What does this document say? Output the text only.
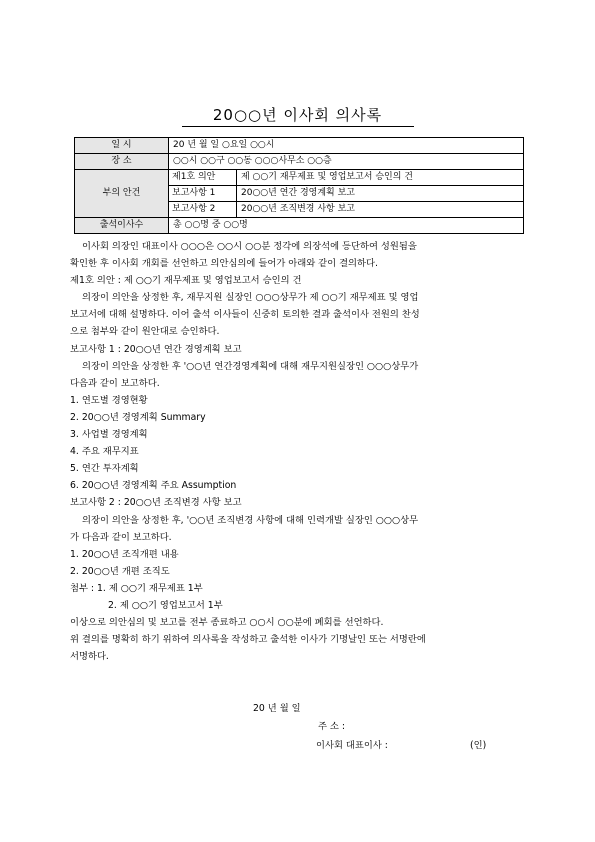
20○○년 이사회 의사록
일 시	20 년 월 일 ○요일 ○○시	
장 소	○○시 ○○구 ○○동 ○○○사무소 ○○층	
부의 안건	제1호 의안	제 ○○기 재무제표 및 영업보고서 승인의 건
	보고사항 1	20○○년 연간 경영계획 보고
	보고사항 2	20○○년 조직변경 사항 보고
출석이사수	총 ○○명 중 ○○명	
이사회 의장인 대표이사 ○○○은 ○○시 ○○분 정각에 의장석에 등단하여 성원됨을
확인한 후 이사회 개회를 선언하고 의안심의에 들어가 아래와 같이 결의하다.
제1호 의안 : 제 ○○기 재무제표 및 영업보고서 승인의 건
의장이 의안을 상정한 후, 재무지원 실장인 ○○○상무가 제 ○○기 재무제표 및 영업
보고서에 대해 설명하다. 이어 출석 이사들이 신중히 토의한 결과 출석이사 전원의 찬성
으로 첨부와 같이 원안대로 승인하다.
보고사항 1 : 20○○년 연간 경영계획 보고
의장이 의안을 상정한 후 '○○년 연간경영계획에 대해 재무지원실장인 ○○○상무가
다음과 같이 보고하다.
1. 연도별 경영현황
2. 20○○년 경영계획 Summary
3. 사업별 경영계획
4. 주요 재무지표
5. 연간 투자계획
6. 20○○년 경영계획 주요 Assumption
보고사항 2 : 20○○년 조직변경 사항 보고
의장이 의안을 상정한 후, '○○년 조직변경 사항에 대해 인력개발 실장인 ○○○상무
가 다음과 같이 보고하다.
1. 20○○년 조직개편 내용
2. 20○○년 개편 조직도
첨부 : 1. 제 ○○기 재무제표 1부
2. 제 ○○기 영업보고서 1부
이상으로 의안심의 및 보고를 전부 종료하고 ○○시 ○○분에 폐회를 선언하다.
위 결의를 명확히 하기 위하여 의사록을 작성하고 출석한 이사가 기명날인 또는 서명란에
서명하다.
20 년 월 일
주 소 :
이사회 대표이사 :	(인)
